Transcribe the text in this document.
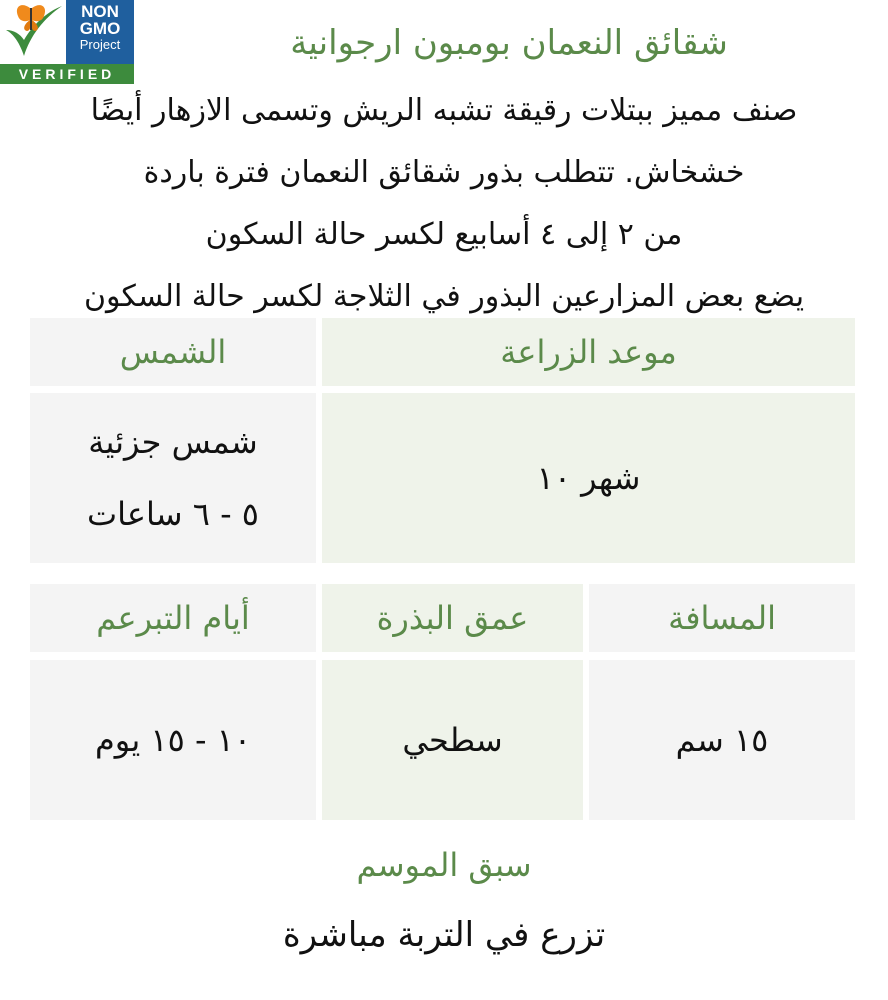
NON
GMO
Project
VERIFIED
شقائق النعمان بومبون ارجوانية
صنف مميز ببتلات رقيقة تشبه الريش وتسمى الازهار أيضًا
خشخاش. تتطلب بذور شقائق النعمان فترة باردة
من ٢ إلى ٤ أسابيع لكسر حالة السكون
يضع بعض المزارعين البذور في الثلاجة لكسر حالة السكون
موعد الزراعة
الشمس
شهر ١٠
شمس جزئية
٥ - ٦ ساعات
المسافة
عمق البذرة
أيام التبرعم
١٥ سم
سطحي
١٠ - ١٥ يوم
سبق الموسم
تزرع في التربة مباشرة
